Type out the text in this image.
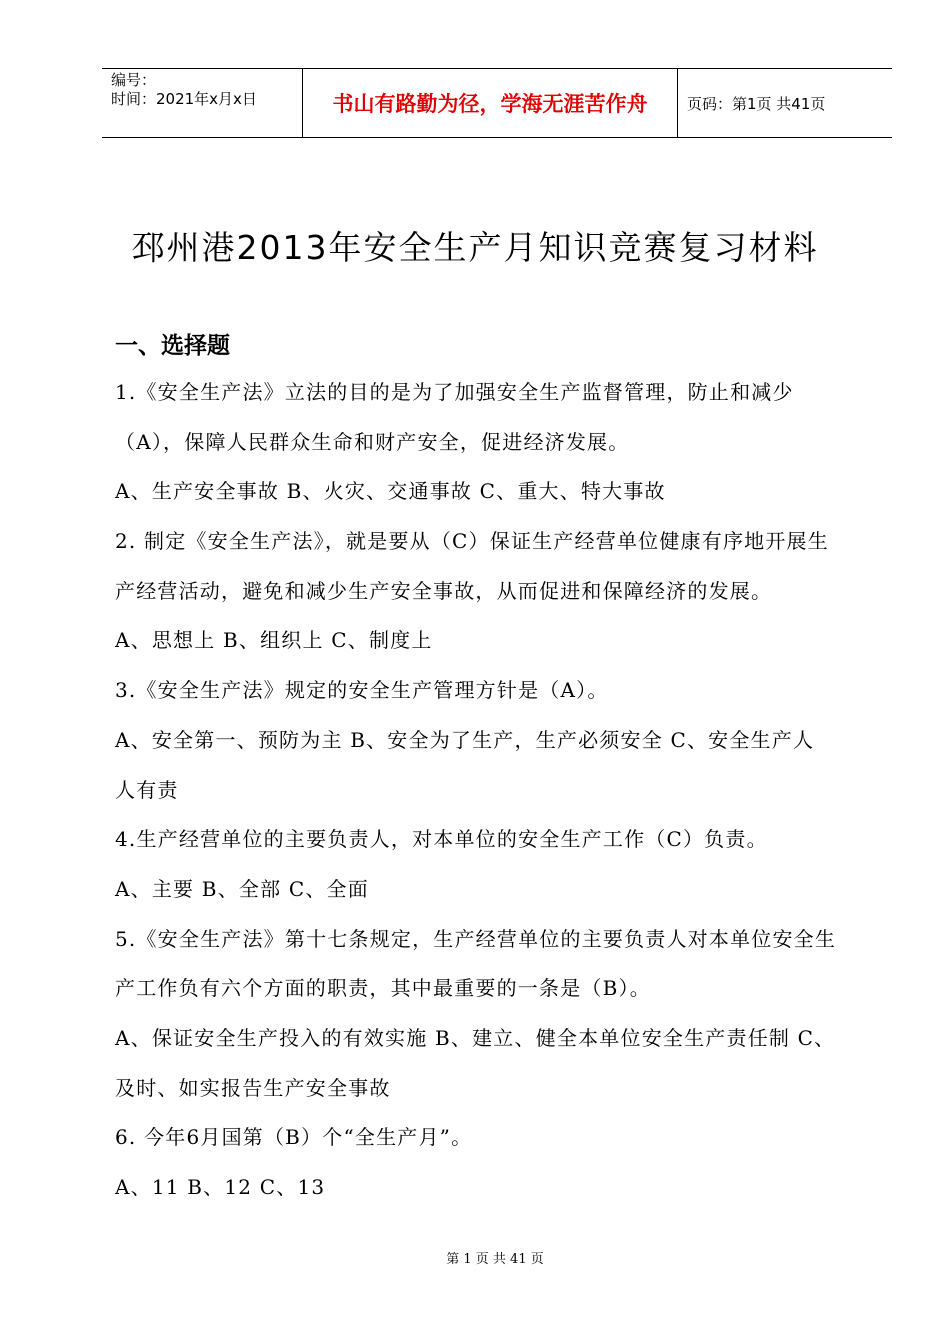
编号：
时间：2021年x月x日	书山有路勤为径，学海无涯苦作舟	页码：第1页 共41页
邳州港2013年安全生产月知识竞赛复习材料
一、选择题
1.《安全生产法》立法的目的是为了加强安全生产监督管理，防止和减少
（A），保障人民群众生命和财产安全，促进经济发展。
A、生产安全事故 B、火灾、交通事故 C、重大、特大事故
2. 制定《安全生产法》，就是要从（C）保证生产经营单位健康有序地开展生
产经营活动，避免和减少生产安全事故，从而促进和保障经济的发展。
A、思想上 B、组织上 C、制度上
3.《安全生产法》规定的安全生产管理方针是（A）。
A、安全第一、预防为主 B、安全为了生产，生产必须安全 C、安全生产人
人有责
4.生产经营单位的主要负责人，对本单位的安全生产工作（C）负责。
A、主要 B、全部 C、全面
5.《安全生产法》第十七条规定，生产经营单位的主要负责人对本单位安全生
产工作负有六个方面的职责，其中最重要的一条是（B）。
A、保证安全生产投入的有效实施 B、建立、健全本单位安全生产责任制 C、
及时、如实报告生产安全事故
6. 今年6月国第（B）个“全生产月”。
A、11 B、12 C、13
第 1 页 共 41 页
